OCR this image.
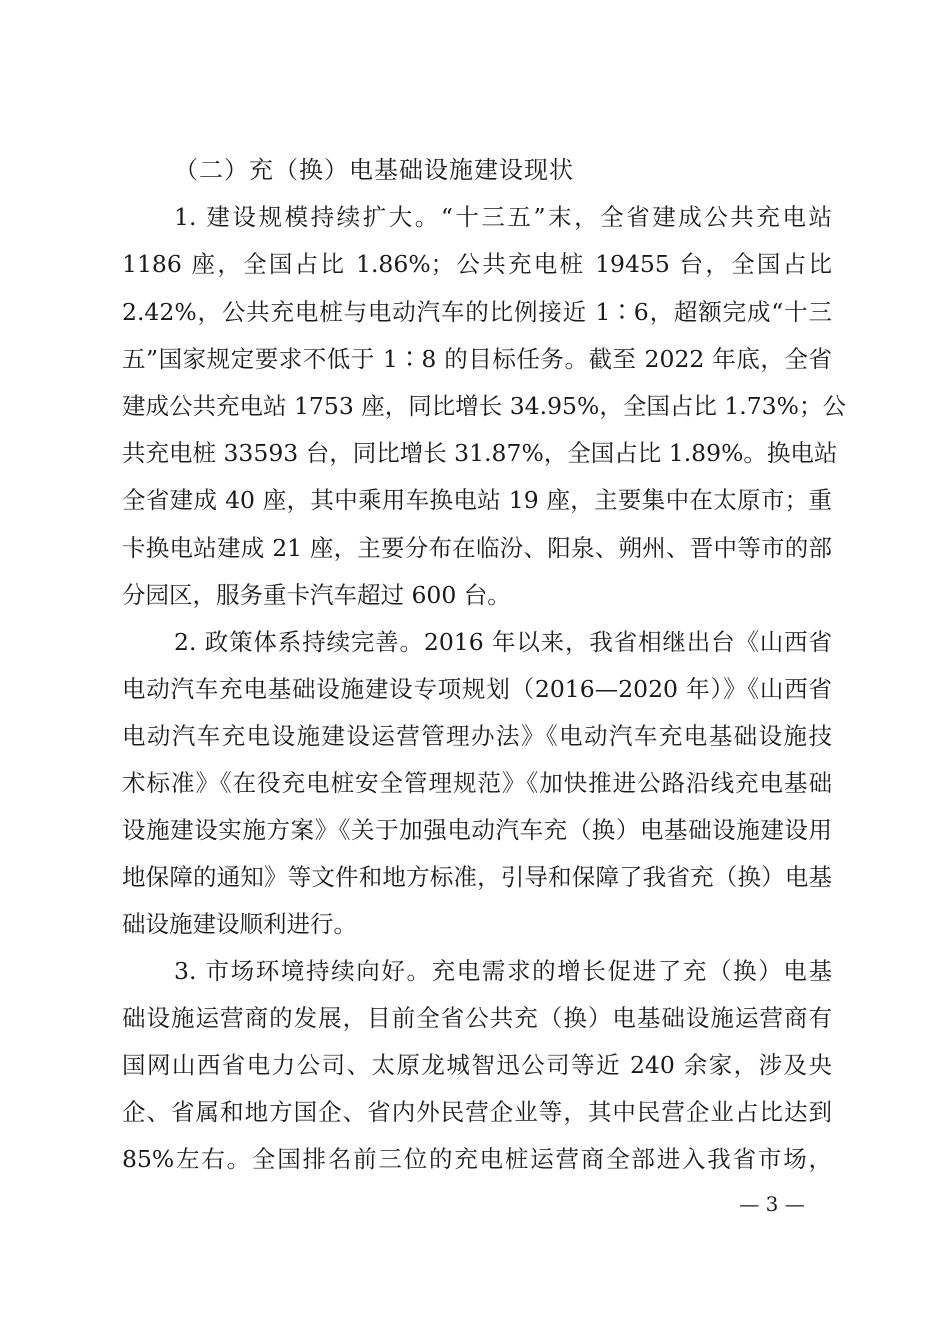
（二）充（换）电基础设施建设现状
1. 建设规模持续扩大。“十三五”末，全省建成公共充电站
1186 座，全国占比 1.86%；公共充电桩 19455 台，全国占比
2.42%，公共充电桩与电动汽车的比例接近 1∶6，超额完成“十三
五”国家规定要求不低于 1∶8 的目标任务。截至 2022 年底，全省
建成公共充电站 1753 座，同比增长 34.95%，全国占比 1.73%；公
共充电桩 33593 台，同比增长 31.87%，全国占比 1.89%。换电站
全省建成 40 座，其中乘用车换电站 19 座，主要集中在太原市；重
卡换电站建成 21 座，主要分布在临汾、阳泉、朔州、晋中等市的部
分园区，服务重卡汽车超过 600 台。
2. 政策体系持续完善。2016 年以来，我省相继出台《山西省
电动汽车充电基础设施建设专项规划（2016—2020 年）》《山西省
电动汽车充电设施建设运营管理办法》《电动汽车充电基础设施技
术标准》《在役充电桩安全管理规范》《加快推进公路沿线充电基础
设施建设实施方案》《关于加强电动汽车充（换）电基础设施建设用
地保障的通知》等文件和地方标准，引导和保障了我省充（换）电基
础设施建设顺利进行。
3. 市场环境持续向好。充电需求的增长促进了充（换）电基
础设施运营商的发展，目前全省公共充（换）电基础设施运营商有
国网山西省电力公司、太原龙城智迅公司等近 240 余家，涉及央
企、省属和地方国企、省内外民营企业等，其中民营企业占比达到
85%左右。全国排名前三位的充电桩运营商全部进入我省市场，
— 3 —
